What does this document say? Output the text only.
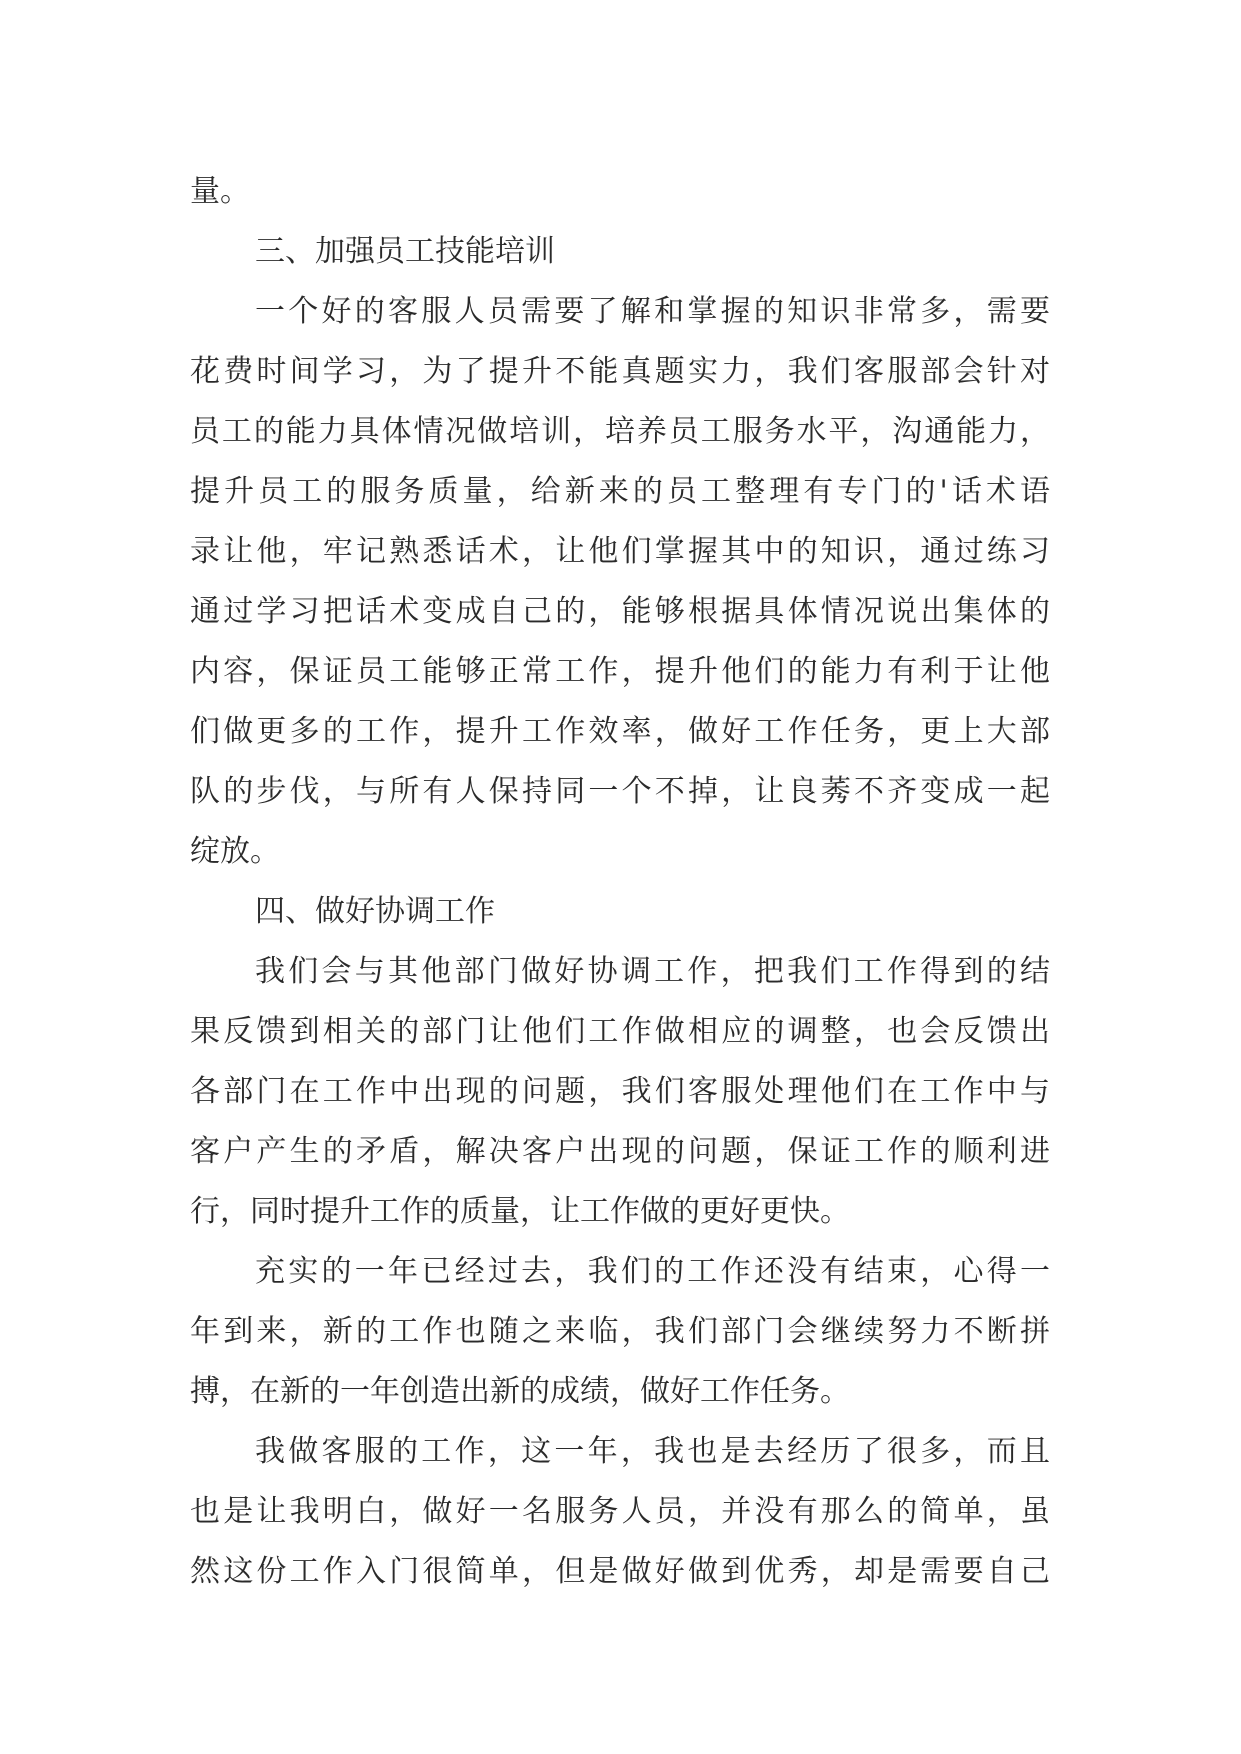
量。
三、加强员工技能培训
一个好的客服人员需要了解和掌握的知识非常多，需要
花费时间学习，为了提升不能真题实力，我们客服部会针对
员工的能力具体情况做培训，培养员工服务水平，沟通能力，
提升员工的服务质量，给新来的员工整理有专门的'话术语
录让他，牢记熟悉话术，让他们掌握其中的知识，通过练习
通过学习把话术变成自己的，能够根据具体情况说出集体的
内容，保证员工能够正常工作，提升他们的能力有利于让他
们做更多的工作，提升工作效率，做好工作任务，更上大部
队的步伐，与所有人保持同一个不掉，让良莠不齐变成一起
绽放。
四、做好协调工作
我们会与其他部门做好协调工作，把我们工作得到的结
果反馈到相关的部门让他们工作做相应的调整，也会反馈出
各部门在工作中出现的问题，我们客服处理他们在工作中与
客户产生的矛盾，解决客户出现的问题，保证工作的顺利进
行，同时提升工作的质量，让工作做的更好更快。
充实的一年已经过去，我们的工作还没有结束，心得一
年到来，新的工作也随之来临，我们部门会继续努力不断拼
搏，在新的一年创造出新的成绩，做好工作任务。
我做客服的工作，这一年，我也是去经历了很多，而且
也是让我明白，做好一名服务人员，并没有那么的简单，虽
然这份工作入门很简单，但是做好做到优秀，却是需要自己
